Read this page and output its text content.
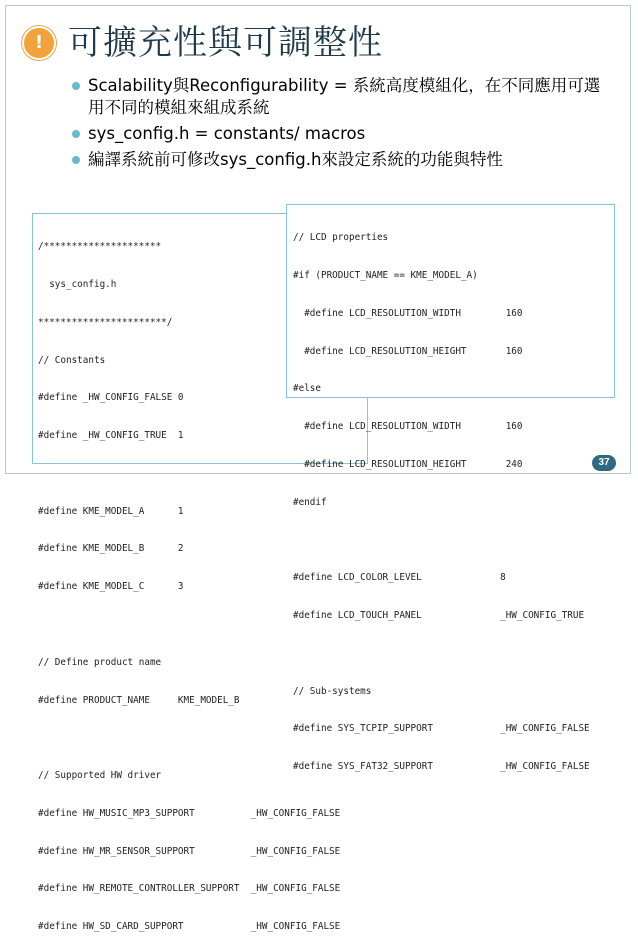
! 可擴充性與可調整性
Scalability與Reconfigurability = 系統高度模組化，在不同應用可選用不同的模組來組成系統
sys_config.h = constants/ macros
編譯系統前可修改sys_config.h來設定系統的功能與特性

/*********************

sys_config.h

***********************/

// Constants

#define _HW_CONFIG_FALSE 0

#define _HW_CONFIG_TRUE  1

#define KME_MODEL_A      1

#define KME_MODEL_B      2

#define KME_MODEL_C      3

// Define product name

#define PRODUCT_NAME     KME_MODEL_B

// Supported HW driver

#define HW_MUSIC_MP3_SUPPORT          _HW_CONFIG_FALSE

#define HW_MR_SENSOR_SUPPORT          _HW_CONFIG_FALSE

#define HW_REMOTE_CONTROLLER_SUPPORT  _HW_CONFIG_FALSE

#define HW_SD_CARD_SUPPORT            _HW_CONFIG_FALSE

// LCD properties

#if (PRODUCT_NAME == KME_MODEL_A)

#define LCD_RESOLUTION_WIDTH        160

#define LCD_RESOLUTION_HEIGHT       160

#else

#define LCD_RESOLUTION_WIDTH        160

#define LCD_RESOLUTION_HEIGHT       240

#endif

#define LCD_COLOR_LEVEL              8

#define LCD_TOUCH_PANEL              _HW_CONFIG_TRUE

// Sub-systems

#define SYS_TCPIP_SUPPORT            _HW_CONFIG_FALSE

#define SYS_FAT32_SUPPORT            _HW_CONFIG_FALSE

37
